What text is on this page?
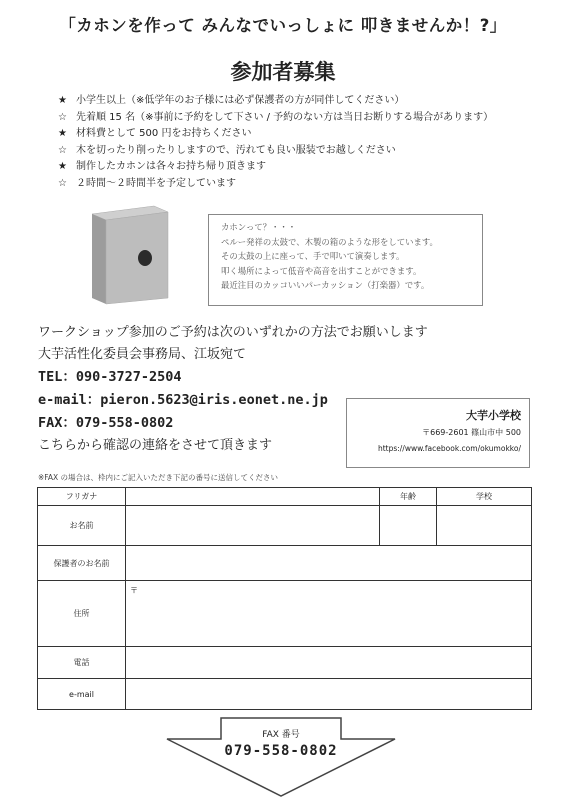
「カホンを作って みんなでいっしょに 叩きませんか！?」
参加者募集
★ 小学生以上（※低学年のお子様には必ず保護者の方が同伴してください）
☆ 先着順 15 名（※事前に予約をして下さい / 予約のない方は当日お断りする場合があります）
★ 材料費として 500 円をお持ちください
☆ 木を切ったり削ったりしますので、汚れても良い服装でお越しください
★ 制作したカホンは各々お持ち帰り頂きます
☆ ２時間～２時間半を予定しています
カホンって？・・・
ペルー発祥の太鼓で、木製の箱のような形をしています。
その太鼓の上に座って、手で叩いて演奏します。
叩く場所によって低音や高音を出すことができます。
最近注目のカッコいいパーカッション（打楽器）です。
ワークショップ参加のご予約は次のいずれかの方法でお願いします
大芋活性化委員会事務局、江坂宛て
TEL：090-3727-2504
e-mail：pieron.5623@iris.eonet.ne.jp
FAX：079-558-0802
こちらから確認の連絡をさせて頂きます
大芋小学校
〒669-2601 篠山市中 500
https://www.facebook.com/okumokko/
※FAX の場合は、枠内にご記入いただき下記の番号に送信してください
フリガナ		年齢	学校
お名前			
保護者のお名前			
住所	〒		
電話			
e-mail			
FAX 番号
079-558-0802
